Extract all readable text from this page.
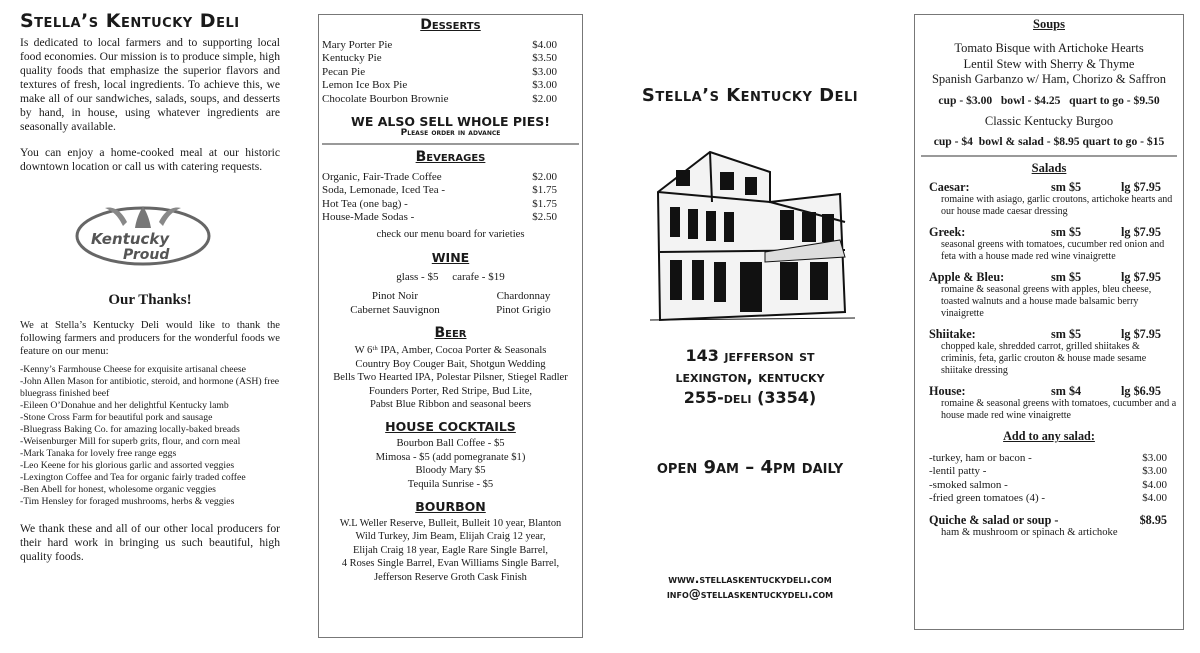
Stella’s Kentucky Deli

Is dedicated to local farmers and to supporting local food economies. Our mission is to produce simple, high quality foods that emphasize the superior flavors and textures of fresh, local ingredients. To achieve this, we make all of our sandwiches, salads, soups, and desserts by hand, in house, using whatever ingredients are seasonally available.

You can enjoy a home-cooked meal at our historic downtown location or call us with catering requests.

Kentucky
Proud
Our Thanks!

We at Stella’s Kentucky Deli would like to thank the following farmers and producers for the wonderful foods we feature on our menu:

-Kenny’s Farmhouse Cheese for exquisite artisanal cheese
-John Allen Mason for antibiotic, steroid, and hormone (ASH) free bluegrass finished beef
-Eileen O’Donahue and her delightful Kentucky lamb
-Stone Cross Farm for beautiful pork and sausage
-Bluegrass Baking Co. for amazing locally-baked breads
-Weisenburger Mill for superb grits, flour, and corn meal
-Mark Tanaka for lovely free range eggs
-Leo Keene for his glorious garlic and assorted veggies
-Lexington Coffee and Tea for organic fairly traded coffee
-Ben Abell for honest, wholesome organic veggies
-Tim Hensley for foraged mushrooms, herbs & veggies

We thank these and all of our other local producers for their hard work in bringing us such beautiful, high quality foods.

Desserts
Mary Porter Pie	$4.00
Kentucky Pie	$3.50
Pecan Pie	$3.00
Lemon Ice Box Pie	$3.00
Chocolate Bourbon Brownie	$2.00
WE ALSO SELL WHOLE PIES!
Please order in advance
Beverages
Organic, Fair-Trade Coffee	$2.00
Soda, Lemonade, Iced Tea -	$1.75
Hot Tea (one bag) -	$1.75
House-Made Sodas -	$2.50
check our menu board for varieties
WINE
glass - $5     carafe - $19
Pinot Noir
Cabernet Sauvignon
Chardonnay
Pinot Grigio
Beer
W 6ᵗʰ IPA, Amber, Cocoa Porter & Seasonals
Country Boy Couger Bait, Shotgun Wedding
Bells Two Hearted IPA, Polestar Pilsner, Stiegel Radler
Founders Porter, Red Stripe, Bud Lite,
Pabst Blue Ribbon and seasonal beers
HOUSE COCKTAILS
Bourbon Ball Coffee - $5
Mimosa - $5 (add pomegranate $1)
Bloody Mary $5
Tequila Sunrise - $5
BOURBON
W.L Weller Reserve, Bulleit, Bulleit 10 year, Blanton
Wild Turkey, Jim Beam, Elijah Craig 12 year,
Elijah Craig 18 year, Eagle Rare Single Barrel,
4 Roses Single Barrel, Evan Williams Single Barrel,
Jefferson Reserve Groth Cask Finish
Stella’s Kentucky Deli
143 jefferson st
lexington, kentucky
255-deli (3354)
open 9am – 4pm daily
www.stellaskentuckydeli.com
info@stellaskentuckydeli.com
Soups
Tomato Bisque with Artichoke Hearts
Lentil Stew with Sherry & Thyme
Spanish Garbanzo w/ Ham, Chorizo & Saffron
cup - $3.00   bowl - $4.25   quart to go - $9.50
Classic Kentucky Burgoo
cup - $4  bowl & salad - $8.95 quart to go - $15
Salads
Caesar:	sm $5	lg $7.95
romaine with asiago, garlic croutons, artichoke hearts and our house made caesar dressing
Greek:	sm $5	lg $7.95
seasonal greens with tomatoes, cucumber red onion and feta with a house made red wine vinaigrette
Apple & Bleu:	sm $5	lg $7.95
romaine & seasonal greens with apples, bleu cheese, toasted walnuts and a house made balsamic berry vinaigrette
Shiitake:	sm $5	lg $7.95
chopped kale, shredded carrot, grilled shiitakes & criminis, feta, garlic crouton & house made sesame shiitake dressing
House:	sm $4	lg $6.95
romaine & seasonal greens with tomatoes, cucumber and a house made red wine vinaigrette
Add to any salad:
-turkey, ham or bacon -	$3.00
-lentil patty -	$3.00
-smoked salmon -	$4.00
-fried green tomatoes (4) -	$4.00
Quiche & salad or soup -	$8.95
ham & mushroom or spinach & artichoke
